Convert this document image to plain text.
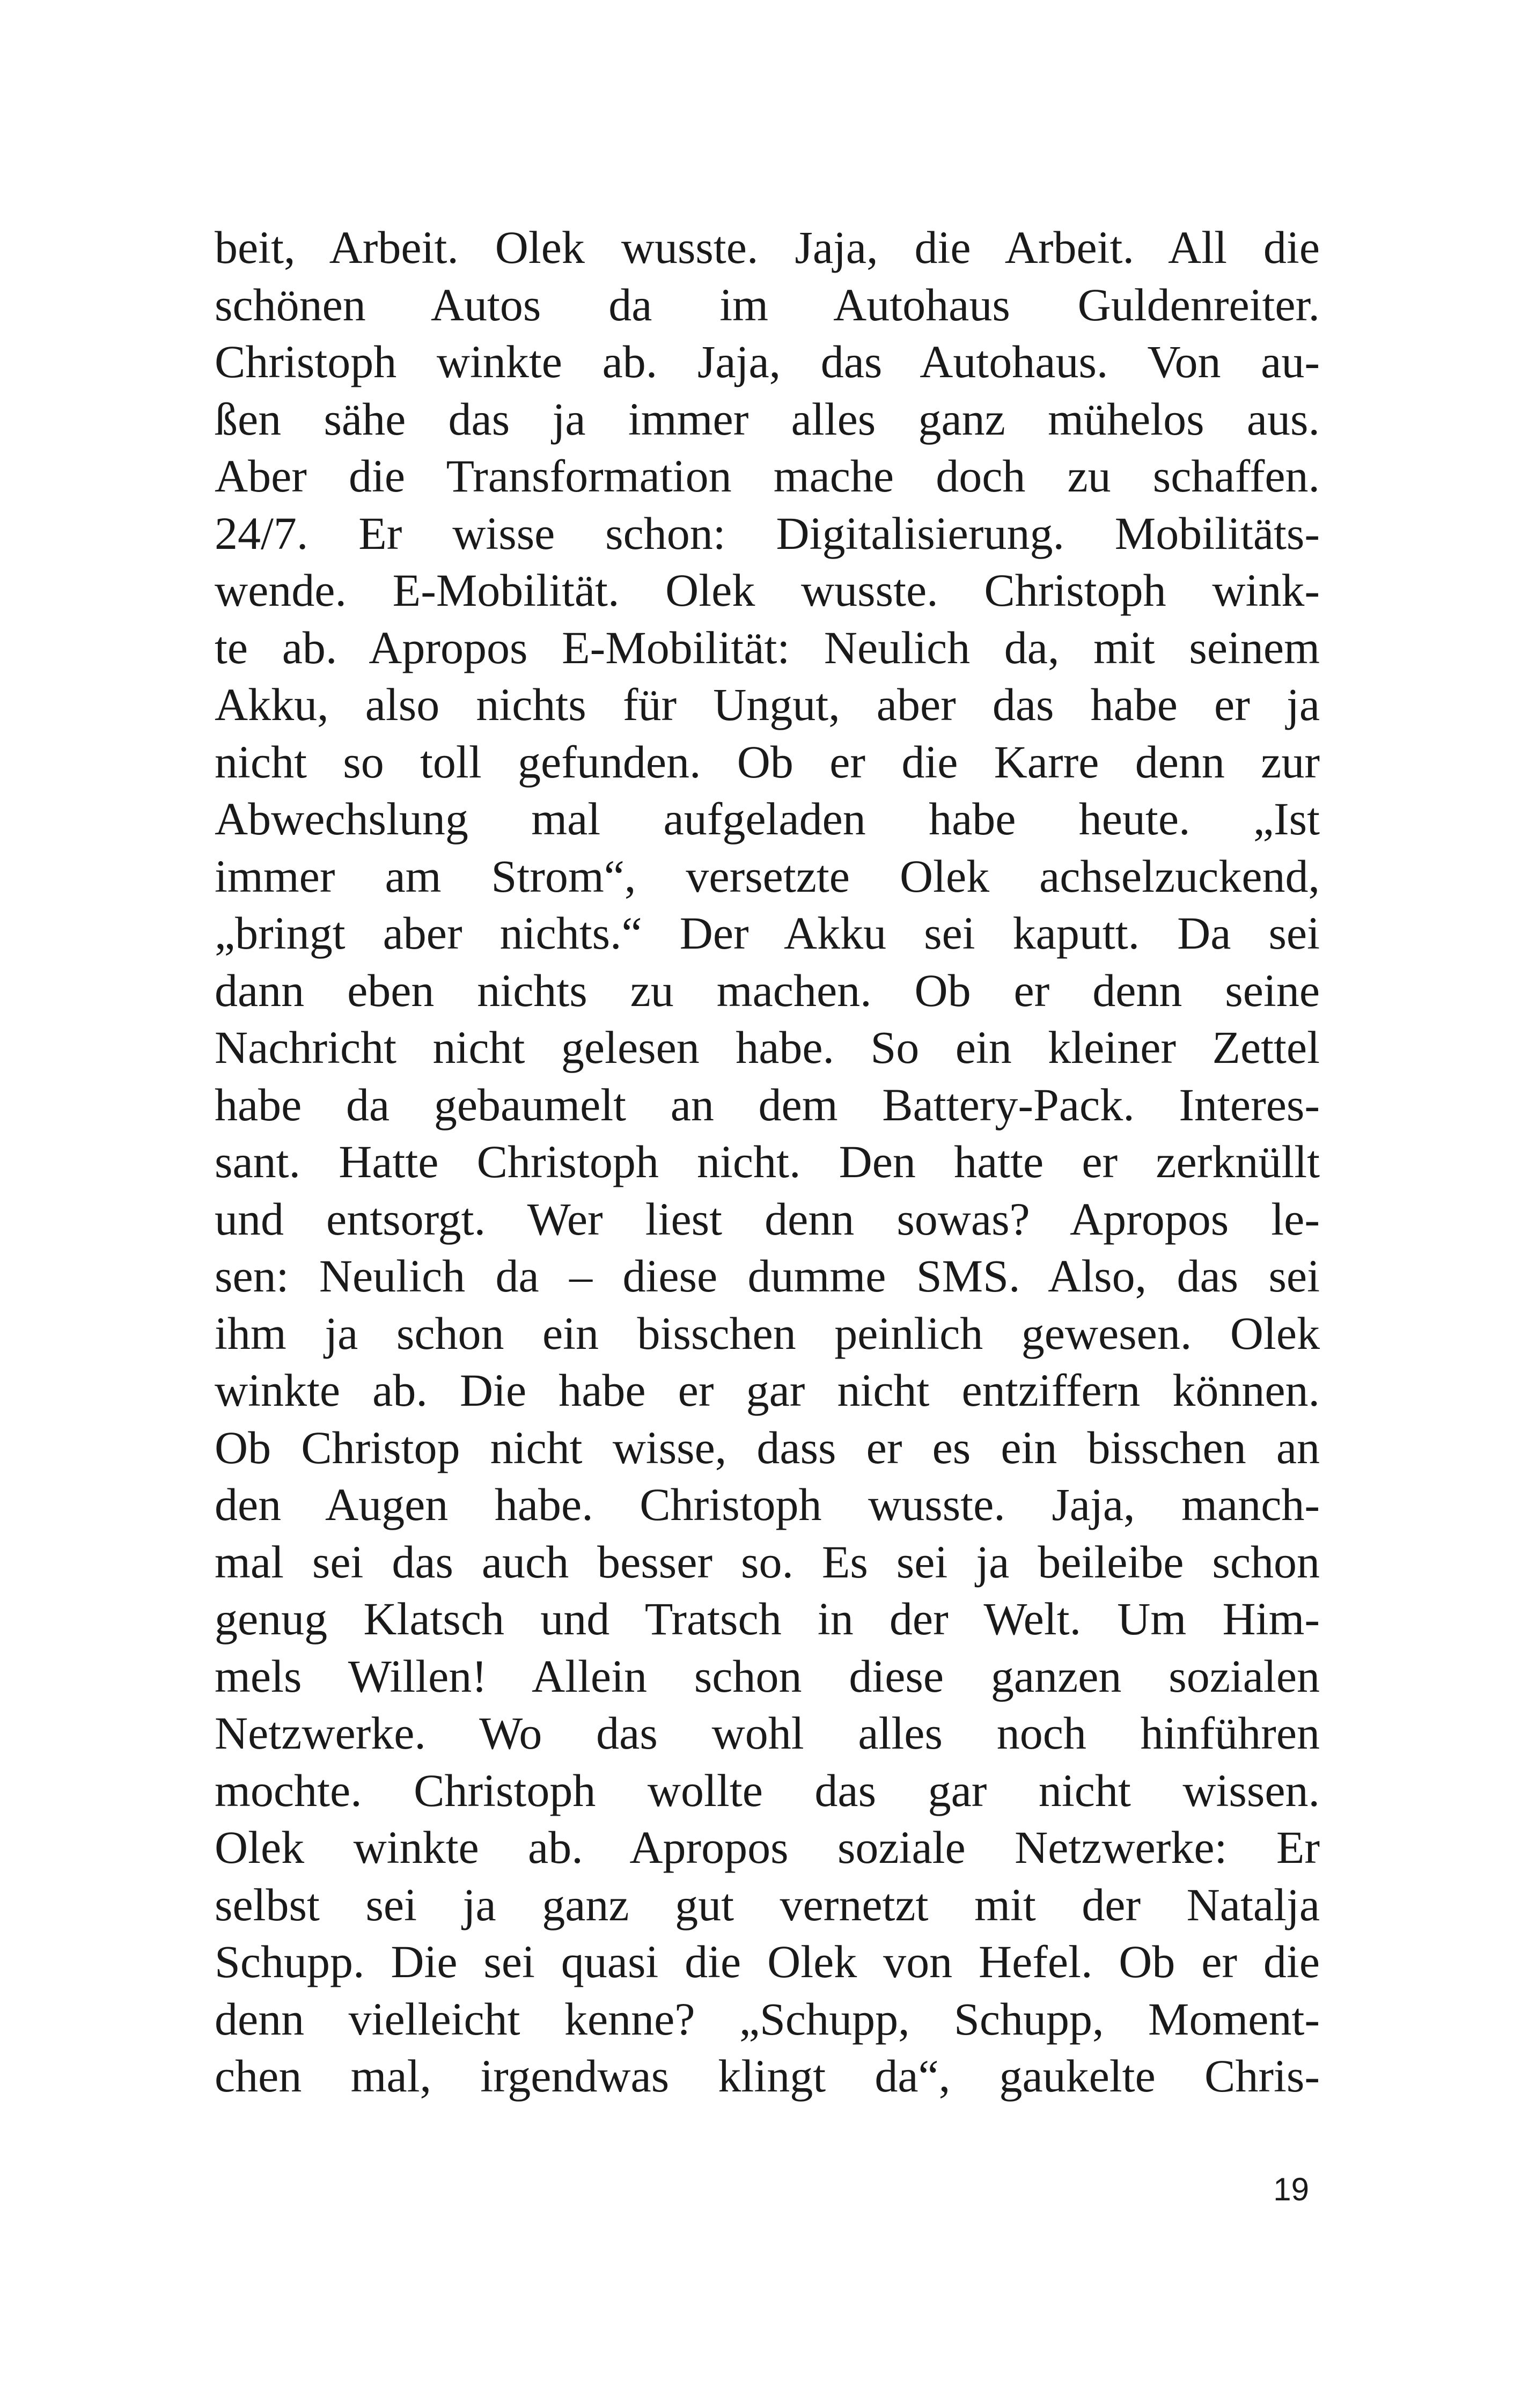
beit, Arbeit. Olek wusste. Jaja, die Arbeit. All die
schönen Autos da im Autohaus Guldenreiter.
Christoph winkte ab. Jaja, das Autohaus. Von au-
ßen sähe das ja immer alles ganz mühelos aus.
Aber die Transformation mache doch zu schaffen.
24/7. Er wisse schon: Digitalisierung. Mobilitäts-
wende. E-Mobilität. Olek wusste. Christoph wink-
te ab. Apropos E-Mobilität: Neulich da, mit seinem
Akku, also nichts für Ungut, aber das habe er ja
nicht so toll gefunden. Ob er die Karre denn zur
Abwechslung mal aufgeladen habe heute. „Ist
immer am Strom“, versetzte Olek achselzuckend,
„bringt aber nichts.“ Der Akku sei kaputt. Da sei
dann eben nichts zu machen. Ob er denn seine
Nachricht nicht gelesen habe. So ein kleiner Zettel
habe da gebaumelt an dem Battery-Pack. Interes-
sant. Hatte Christoph nicht. Den hatte er zerknüllt
und entsorgt. Wer liest denn sowas? Apropos le-
sen: Neulich da – diese dumme SMS. Also, das sei
ihm ja schon ein bisschen peinlich gewesen. Olek
winkte ab. Die habe er gar nicht entziffern können.
Ob Christop nicht wisse, dass er es ein bisschen an
den Augen habe. Christoph wusste. Jaja, manch-
mal sei das auch besser so. Es sei ja beileibe schon
genug Klatsch und Tratsch in der Welt. Um Him-
mels Willen! Allein schon diese ganzen sozialen
Netzwerke. Wo das wohl alles noch hinführen
mochte. Christoph wollte das gar nicht wissen.
Olek winkte ab. Apropos soziale Netzwerke: Er
selbst sei ja ganz gut vernetzt mit der Natalja
Schupp. Die sei quasi die Olek von Hefel. Ob er die
denn vielleicht kenne? „Schupp, Schupp, Moment-
chen mal, irgendwas klingt da“, gaukelte Chris-
19
